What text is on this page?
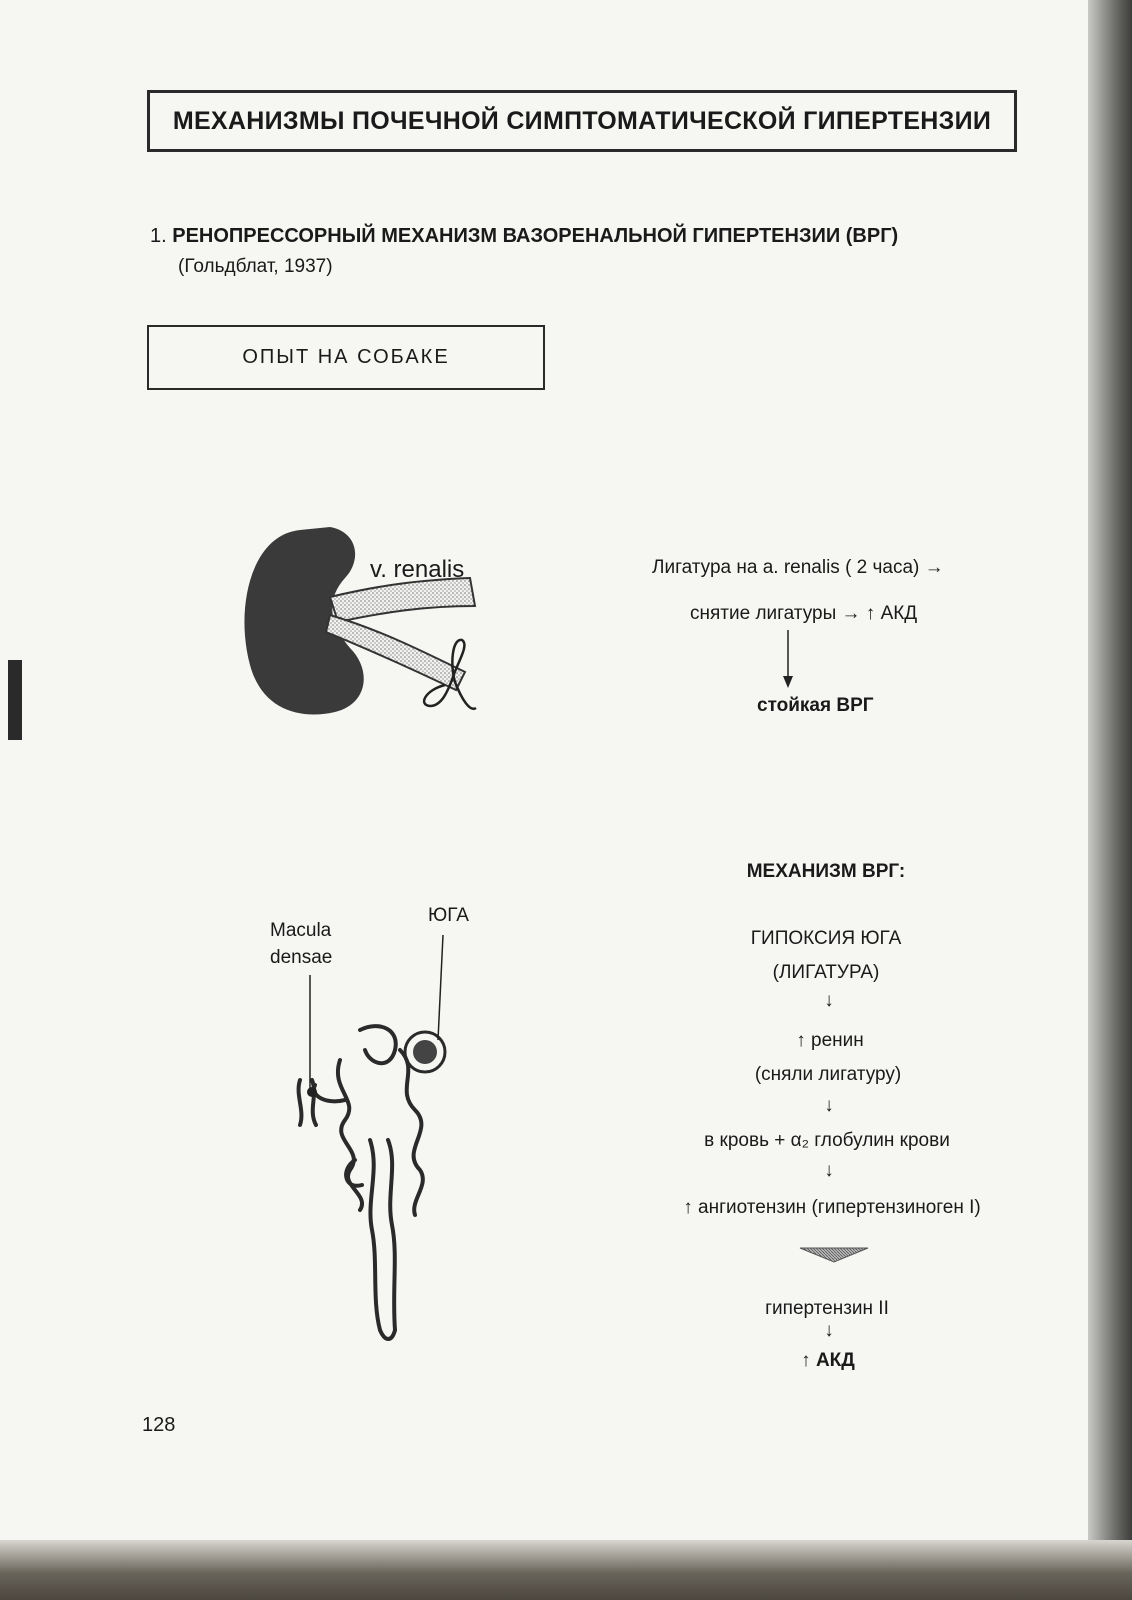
МЕХАНИЗМЫ ПОЧЕЧНОЙ СИМПТОМАТИЧЕСКОЙ ГИПЕРТЕНЗИИ
1. РЕНОПРЕССОРНЫЙ МЕХАНИЗМ ВАЗОРЕНАЛЬНОЙ ГИПЕРТЕНЗИИ (ВРГ)
(Гольдблат, 1937)
ОПЫТ НА СОБАКЕ
v. renalis	Лигатура на a. renalis ( 2 часа) →
снятие лигатуры → ↑ АКД
стойкая ВРГ
Macula
densae
ЮГА
МЕХАНИЗМ ВРГ:
ГИПОКСИЯ ЮГА
(ЛИГАТУРА)
↓
↑ ренин
(сняли лигатуру)
↓
в кровь + α₂ глобулин крови
↓
↑ ангиотензин (гипертензиноген I)
гипертензин II
↓
↑ АКД
128
